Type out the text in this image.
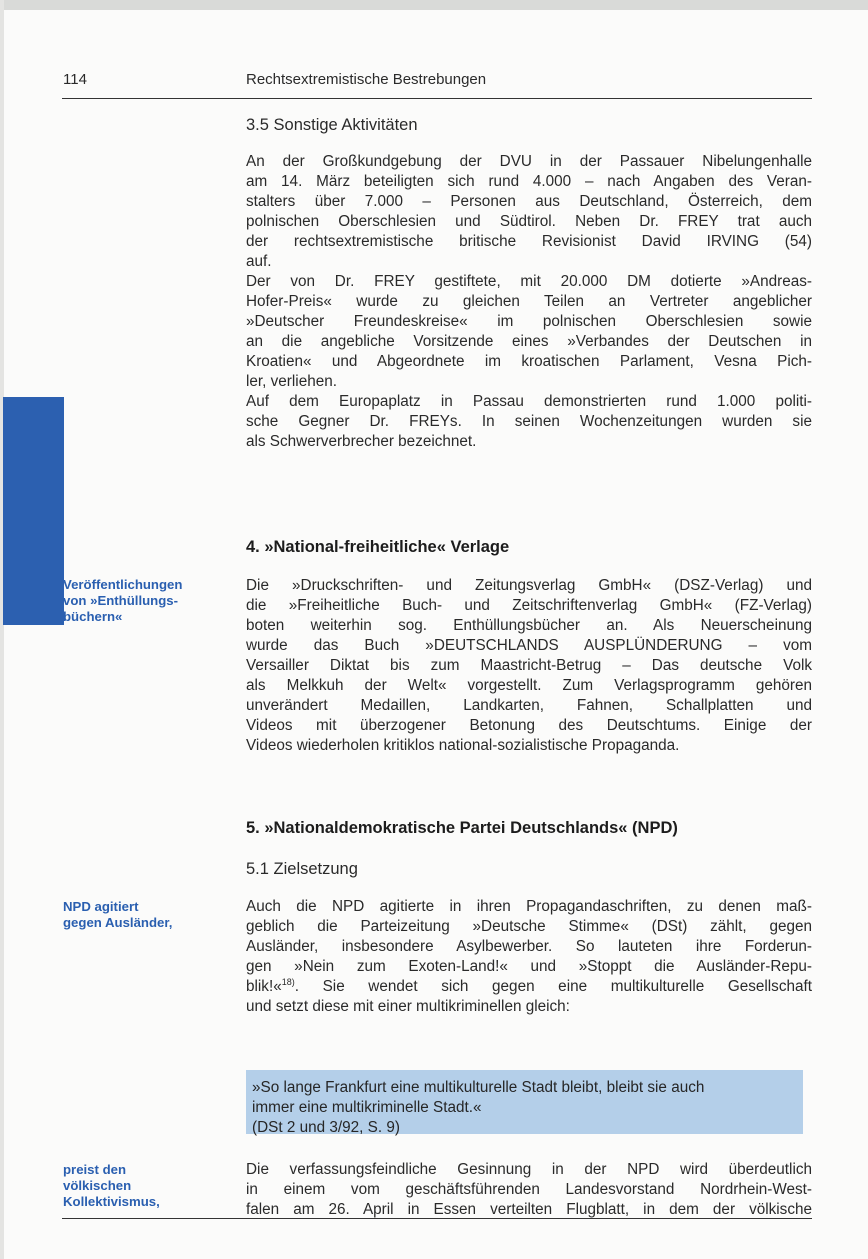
114	Rechtsextremistische Bestrebungen
3.5 Sonstige Aktivitäten

An der Großkundgebung der DVU in der Passauer Nibelungenhalle
am 14. März beteiligten sich rund 4.000 – nach Angaben des Veran-
stalters über 7.000 – Personen aus Deutschland, Österreich, dem
polnischen Oberschlesien und Südtirol. Neben Dr. FREY trat auch
der rechtsextremistische britische Revisionist David IRVING (54)
auf.

Der von Dr. FREY gestiftete, mit 20.000 DM dotierte »Andreas-
Hofer-Preis« wurde zu gleichen Teilen an Vertreter angeblicher
»Deutscher Freundeskreise« im polnischen Oberschlesien sowie
an die angebliche Vorsitzende eines »Verbandes der Deutschen in
Kroatien« und Abgeordnete im kroatischen Parlament, Vesna Pich-
ler, verliehen.

Auf dem Europaplatz in Passau demonstrierten rund 1.000 politi-
sche Gegner Dr. FREYs. In seinen Wochenzeitungen wurden sie
als Schwerverbrecher bezeichnet.

4. »National-freiheitliche« Verlage
Veröffentlichungen
von »Enthüllungs-
büchern«

Die »Druckschriften- und Zeitungsverlag GmbH« (DSZ-Verlag) und
die »Freiheitliche Buch- und Zeitschriftenverlag GmbH« (FZ-Verlag)
boten weiterhin sog. Enthüllungsbücher an. Als Neuerscheinung
wurde das Buch »DEUTSCHLANDS AUSPLÜNDERUNG – vom
Versailler Diktat bis zum Maastricht-Betrug – Das deutsche Volk
als Melkkuh der Welt« vorgestellt. Zum Verlagsprogramm gehören
unverändert Medaillen, Landkarten, Fahnen, Schallplatten und
Videos mit überzogener Betonung des Deutschtums. Einige der
Videos wiederholen kritiklos national-sozialistische Propaganda.

5. »Nationaldemokratische Partei Deutschlands« (NPD)
5.1 Zielsetzung
NPD agitiert
gegen Ausländer,

Auch die NPD agitierte in ihren Propagandaschriften, zu denen maß-
geblich die Parteizeitung »Deutsche Stimme« (DSt) zählt, gegen
Ausländer, insbesondere Asylbewerber. So lauteten ihre Forderun-
gen »Nein zum Exoten-Land!« und »Stoppt die Ausländer-Repu-
blik!«$^{18)}$. Sie wendet sich gegen eine multikulturelle Gesellschaft
und setzt diese mit einer multikriminellen gleich:

»So lange Frankfurt eine multikulturelle Stadt bleibt, bleibt sie auch
immer eine multikriminelle Stadt.«
(DSt 2 und 3/92, S. 9)
preist den
völkischen
Kollektivismus,

Die verfassungsfeindliche Gesinnung in der NPD wird überdeutlich
in einem vom geschäftsführenden Landesvorstand Nordrhein-West-
falen am 26. April in Essen verteilten Flugblatt, in dem der völkische
